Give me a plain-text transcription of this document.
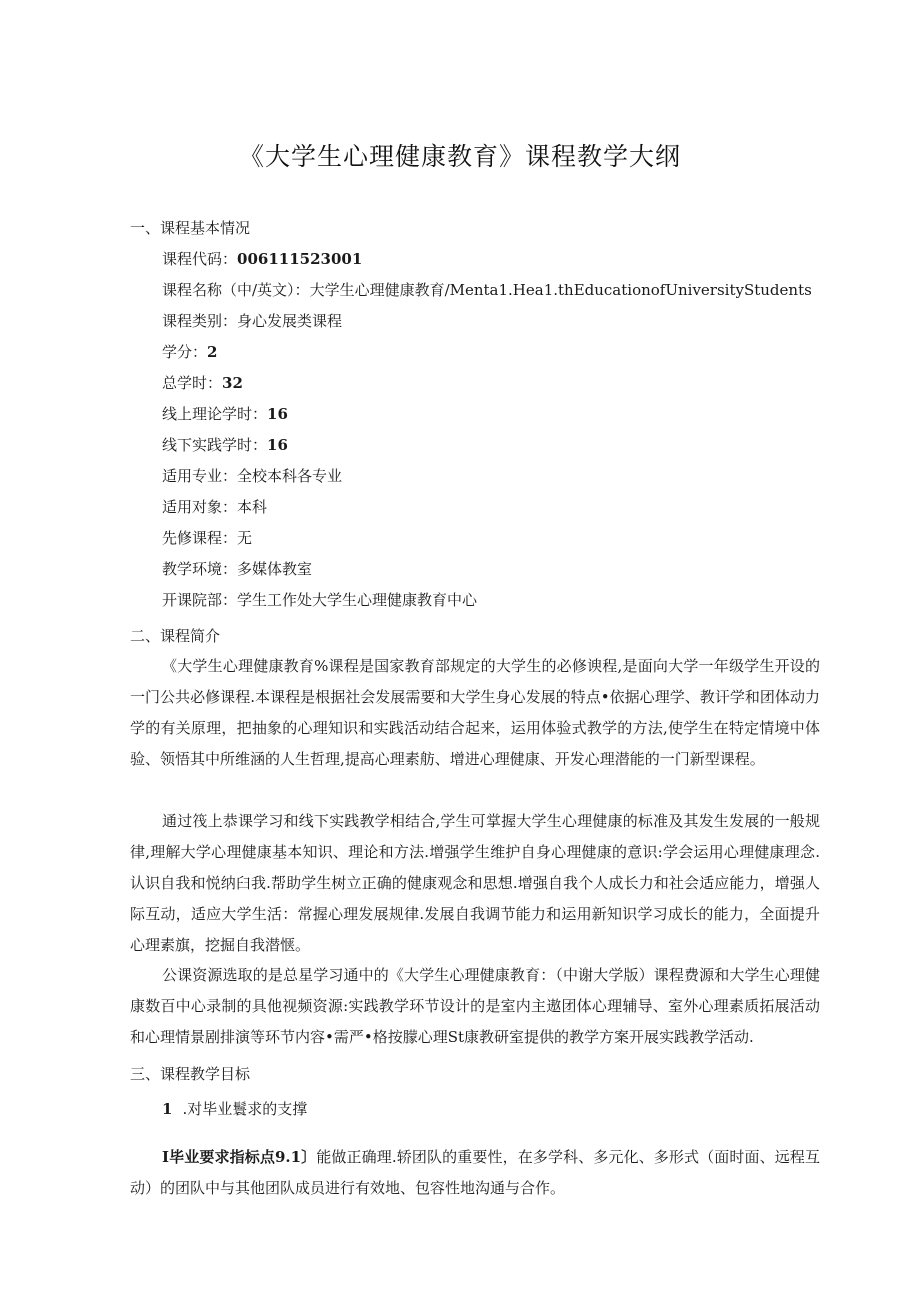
《大学生心理健康教育》课程教学大纲
一、课程基本情况
课程代码：006111523001
课程名称（中/英文）：大学生心理健康教育/Menta1.Hea1.thEducationofUniversityStudents
课程类别：身心发展类课程
学分：2
总学时：32
线上理论学时：16
线下实践学时：16
适用专业：全校本科各专业
适用对象：本科
先修课程：无
教学环境：多媒体教室
开课院部：学生工作处大学生心理健康教育中心
二、课程简介
《大学生心理健康教育%课程是国家教育部规定的大学生的必修谀程,是面向大学一年级学生开设的一门公共必修课程.本课程是根据社会发展需要和大学生身心发展的特点•依据心理学、教讦学和团体动力学的有关原理，把抽象的心理知识和实践活动结合起来，运用体验式教学的方法,使学生在特定情境中体验、领悟其中所维涵的人生哲理,提高心理素舫、增进心理健康、开发心理潜能的一门新型课程。
通过筏上恭课学习和线下实践教学相结合,学生可掌握大学生心理健康的标准及其发生发展的一般规律,理解大学心理健康基本知识、理论和方法.增强学生维护自身心理健康的意识:学会运用心理健康理念.认识自我和悦纳臼我.帮助学生树立正确的健康观念和思想.增强自我个人成长力和社会适应能力，增强人际互动，适应大学生活：常握心理发展规律.发展自我调节能力和运用新知识学习成长的能力，全面提升心理素旗，挖掘自我潜惬。
公课资源选取的是总星学习通中的《大学生心理健康教育：（中谢大学版）课程费源和大学生心理健康数百中心录制的具他视频资源:实践教学环节设计的是室内主遨团体心理辅导、室外心理素质拓展活动和心理情景剧排演等环节内容•需严•格按朦心理St康教研室提供的教学方案开展实践教学活动.
三、课程教学目标
1 .对毕业鬟求的支撑
I毕业要求指标点9.1〕能做正确理.轿团队的重要性，在多学科、多元化、多形式（面时面、远程互动）的团队中与其他团队成员进行有效地、包容性地沟通与合作。
